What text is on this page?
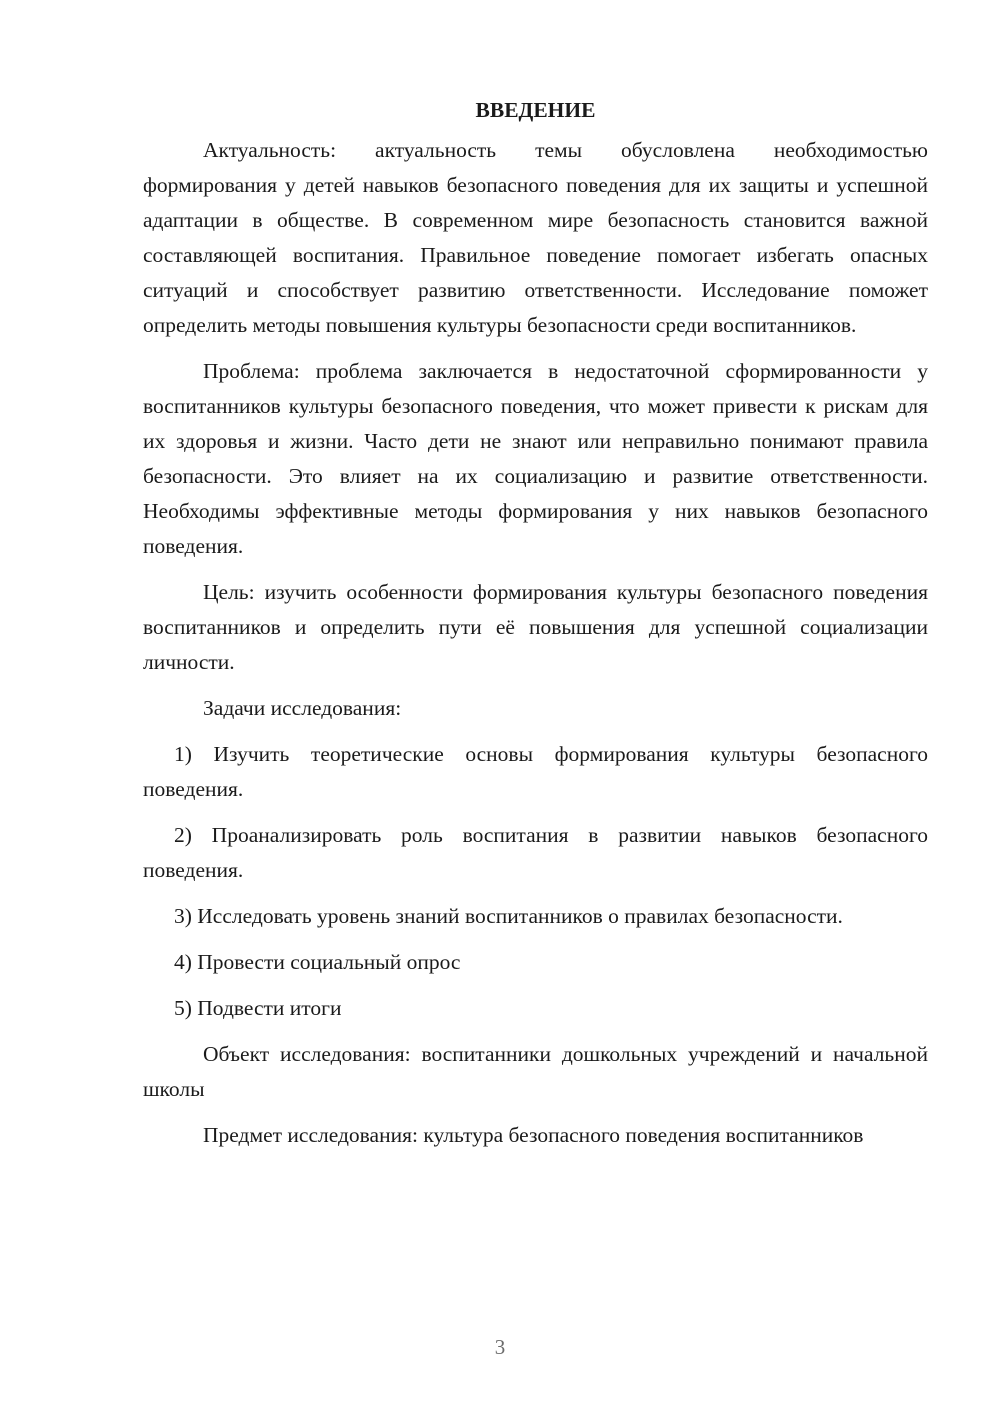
ВВЕДЕНИЕ

Актуальность: актуальность темы обусловлена необходимостью формирования у детей навыков безопасного поведения для их защиты и успешной адаптации в обществе. В современном мире безопасность становится важной составляющей воспитания. Правильное поведение помогает избегать опасных ситуаций и способствует развитию ответственности. Исследование поможет определить методы повышения культуры безопасности среди воспитанников.

Проблема: проблема заключается в недостаточной сформированности у воспитанников культуры безопасного поведения, что может привести к рискам для их здоровья и жизни. Часто дети не знают или неправильно понимают правила безопасности. Это влияет на их социализацию и развитие ответственности. Необходимы эффективные методы формирования у них навыков безопасного поведения.

Цель: изучить особенности формирования культуры безопасного поведения воспитанников и определить пути её повышения для успешной социализации личности.

Задачи исследования:

1) Изучить теоретические основы формирования культуры безопасного поведения.

2) Проанализировать роль воспитания в развитии навыков безопасного поведения.

3) Исследовать уровень знаний воспитанников о правилах безопасности.

4) Провести социальный опрос

5) Подвести итоги

Объект исследования: воспитанники дошкольных учреждений и начальной школы

Предмет исследования: культура безопасного поведения воспитанников

3
